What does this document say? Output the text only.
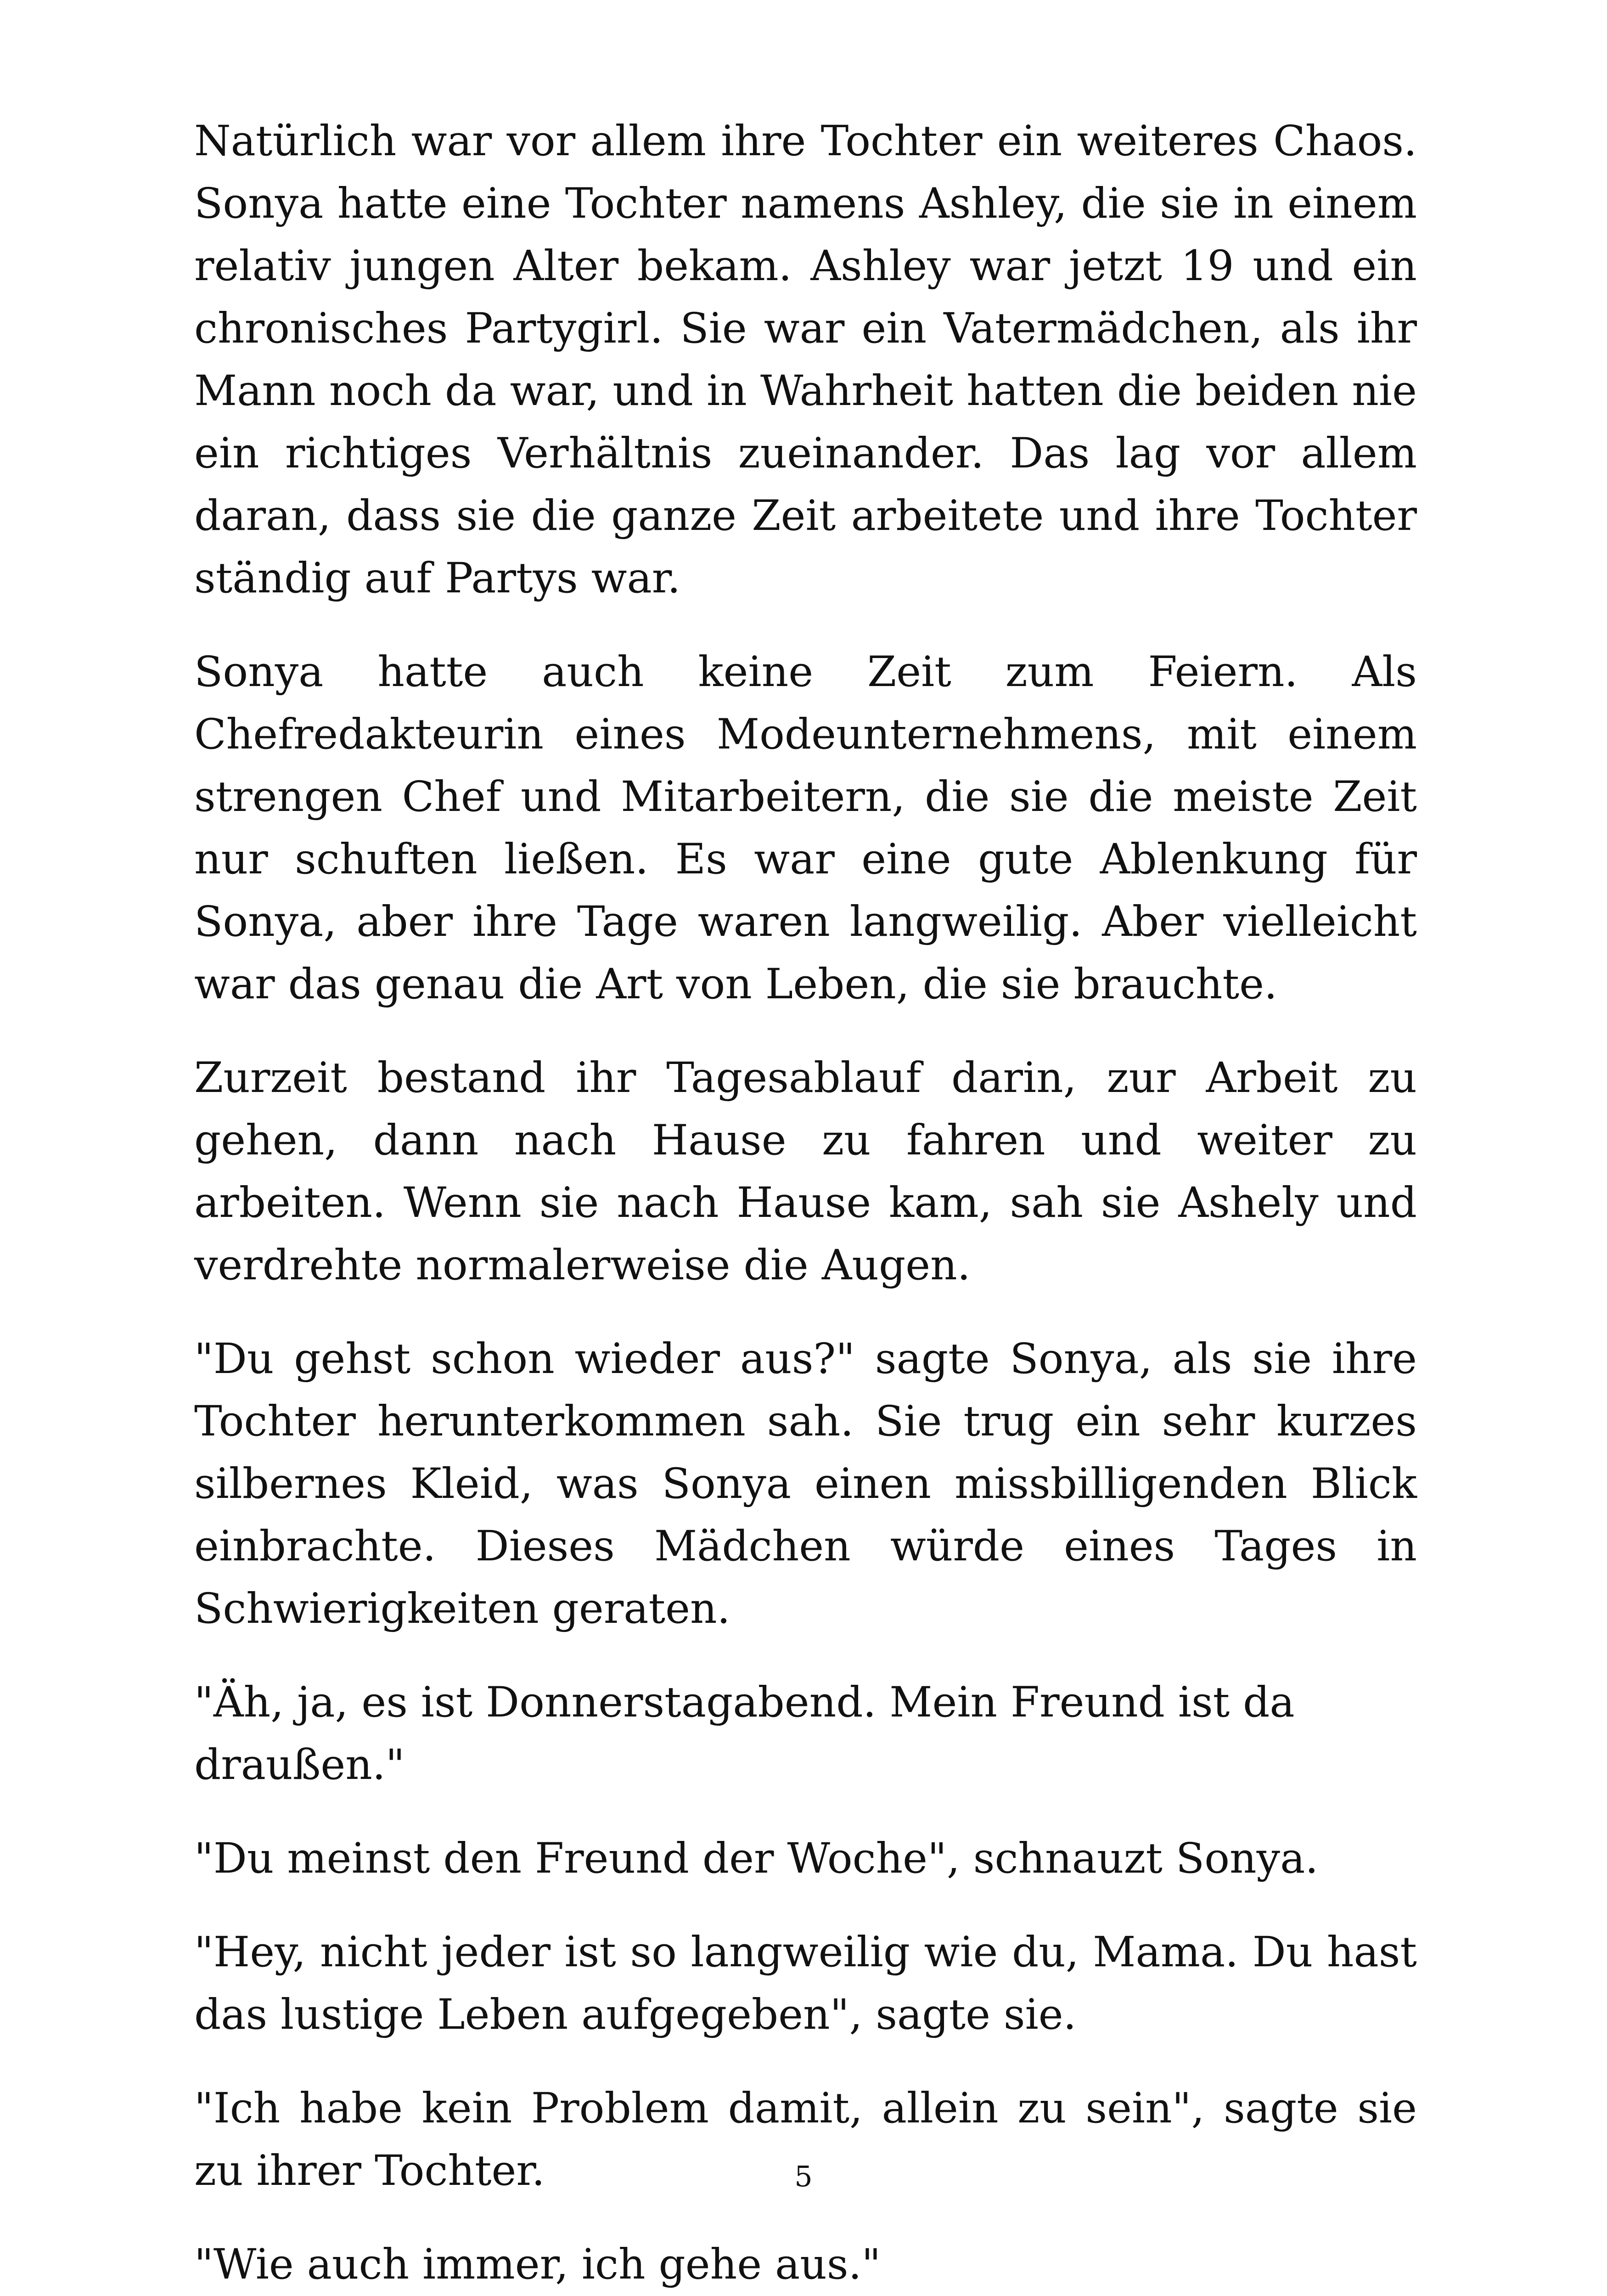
Natürlich war vor allem ihre Tochter ein weiteres Chaos. Sonya hatte eine Tochter namens Ashley, die sie in einem relativ jungen Alter bekam. Ashley war jetzt 19 und ein chronisches Partygirl. Sie war ein Vatermädchen, als ihr Mann noch da war, und in Wahrheit hatten die beiden nie ein richtiges Verhältnis zueinander. Das lag vor allem daran, dass sie die ganze Zeit arbeitete und ihre Tochter ständig auf Partys war.

Sonya hatte auch keine Zeit zum Feiern. Als Chefredakteurin eines Modeunternehmens, mit einem strengen Chef und Mitarbeitern, die sie die meiste Zeit nur schuften ließen. Es war eine gute Ablenkung für Sonya, aber ihre Tage waren langweilig. Aber vielleicht war das genau die Art von Leben, die sie brauchte.

Zurzeit bestand ihr Tagesablauf darin, zur Arbeit zu gehen, dann nach Hause zu fahren und weiter zu arbeiten. Wenn sie nach Hause kam, sah sie Ashely und verdrehte normalerweise die Augen.

"Du gehst schon wieder aus?" sagte Sonya, als sie ihre Tochter herunterkommen sah. Sie trug ein sehr kurzes silbernes Kleid, was Sonya einen missbilligenden Blick einbrachte. Dieses Mädchen würde eines Tages in Schwierigkeiten geraten.

"Äh, ja, es ist Donnerstagabend. Mein Freund ist da draußen."

"Du meinst den Freund der Woche", schnauzt Sonya.

"Hey, nicht jeder ist so langweilig wie du, Mama. Du hast das lustige Leben aufgegeben", sagte sie.

"Ich habe kein Problem damit, allein zu sein", sagte sie zu ihrer Tochter.

"Wie auch immer, ich gehe aus."

5
